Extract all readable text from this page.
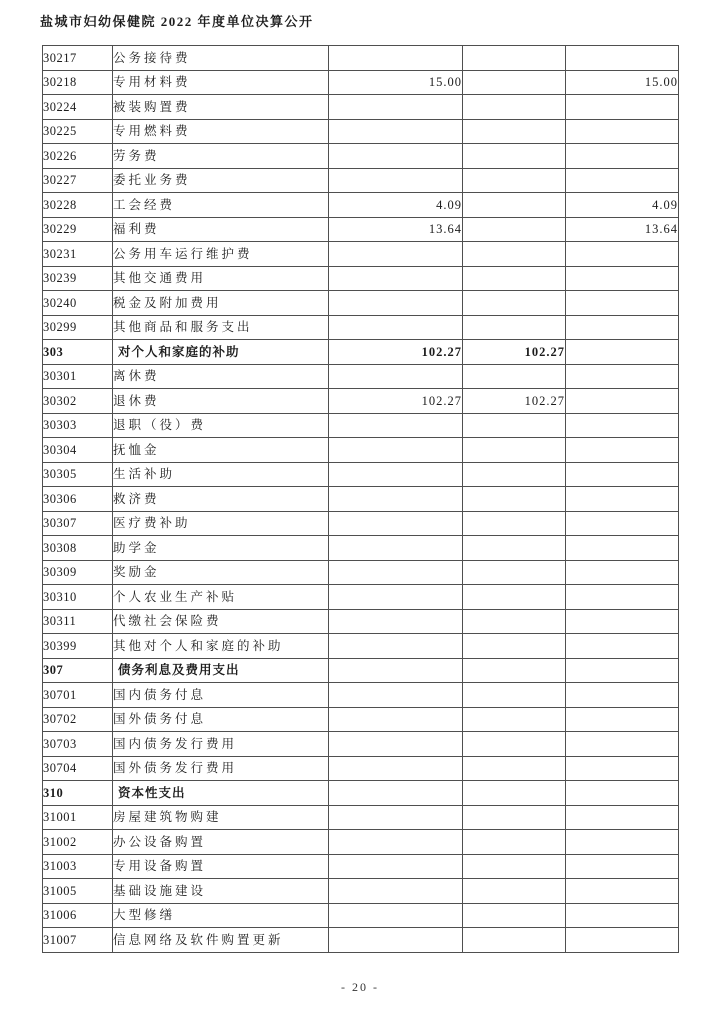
盐城市妇幼保健院 2022 年度单位决算公开
30217	公务接待费			
30218	专用材料费	15.00		15.00
30224	被装购置费			
30225	专用燃料费			
30226	劳务费			
30227	委托业务费			
30228	工会经费	4.09		4.09
30229	福利费	13.64		13.64
30231	公务用车运行维护费			
30239	其他交通费用			
30240	税金及附加费用			
30299	其他商品和服务支出			
303	对个人和家庭的补助	102.27	102.27	
30301	离休费			
30302	退休费	102.27	102.27	
30303	退职（役）费			
30304	抚恤金			
30305	生活补助			
30306	救济费			
30307	医疗费补助			
30308	助学金			
30309	奖励金			
30310	个人农业生产补贴			
30311	代缴社会保险费			
30399	其他对个人和家庭的补助			
307	债务利息及费用支出			
30701	国内债务付息			
30702	国外债务付息			
30703	国内债务发行费用			
30704	国外债务发行费用			
310	资本性支出			
31001	房屋建筑物购建			
31002	办公设备购置			
31003	专用设备购置			
31005	基础设施建设			
31006	大型修缮			
31007	信息网络及软件购置更新			
- 20 -
